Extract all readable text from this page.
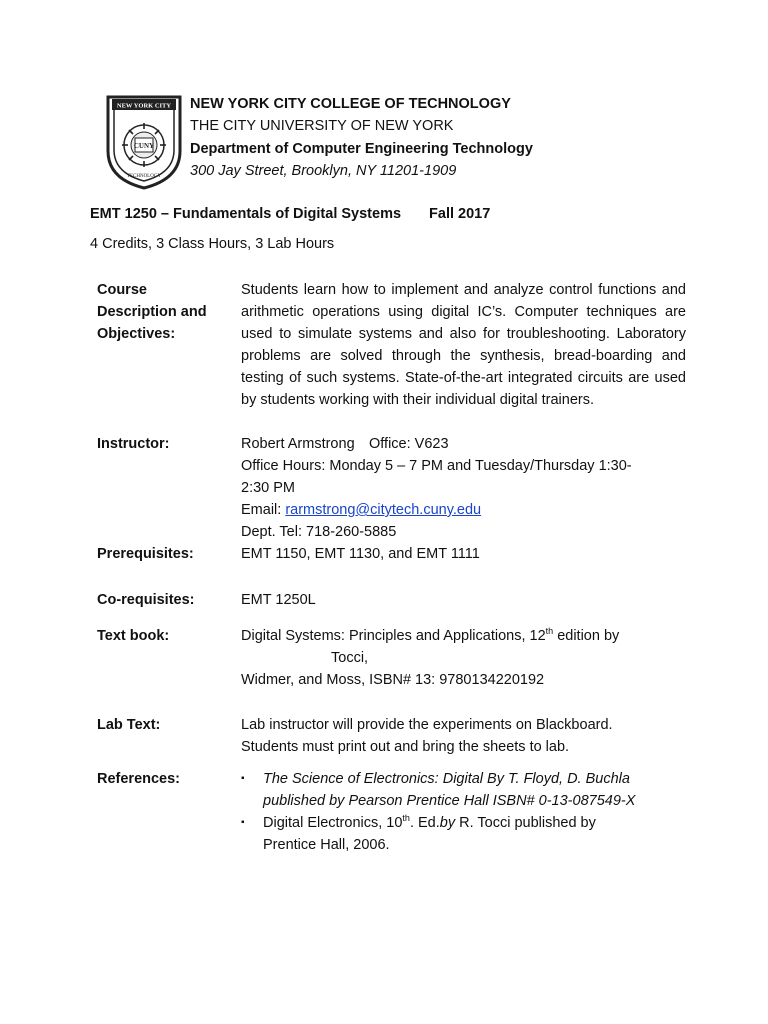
NEW YORK CITY
CUNY
TECHNOLOGY
NEW YORK CITY COLLEGE OF TECHNOLOGY
THE CITY UNIVERSITY OF NEW YORK
Department of Computer Engineering Technology
300 Jay Street, Brooklyn, NY 11201-1909
EMT 1250 – Fundamentals of Digital Systems Fall 2017
4 Credits, 3 Class Hours, 3 Lab Hours
Course
Description and
Objectives:
Students learn how to implement and analyze control functions and arithmetic operations using digital IC’s. Computer techniques are used to simulate systems and also for troubleshooting. Laboratory problems are solved through the synthesis, bread-boarding and testing of such systems. State-of-the-art integrated circuits are used by students working with their individual digital trainers.
Instructor:	Robert Armstrong Office: V623
Office Hours: Monday 5 – 7 PM and Tuesday/Thursday 1:30-
2:30 PM
Email: rarmstrong@citytech.cuny.edu
Dept. Tel: 718-260-5885
Prerequisites:	EMT 1150, EMT 1130, and EMT 1111
Co-requisites:	EMT 1250L
Text book:	Digital Systems: Principles and Applications, 12th edition by
Tocci,
Widmer, and Moss, ISBN# 13: 9780134220192
Lab Text:	Lab instructor will provide the experiments on Blackboard.
Students must print out and bring the sheets to lab.
References:	▪ The Science of Electronics: Digital By T. Floyd, D. Buchla
published by Pearson Prentice Hall ISBN# 0-13-087549-X
▪ Digital Electronics, 10th. Ed.by R. Tocci published by
Prentice Hall, 2006.
